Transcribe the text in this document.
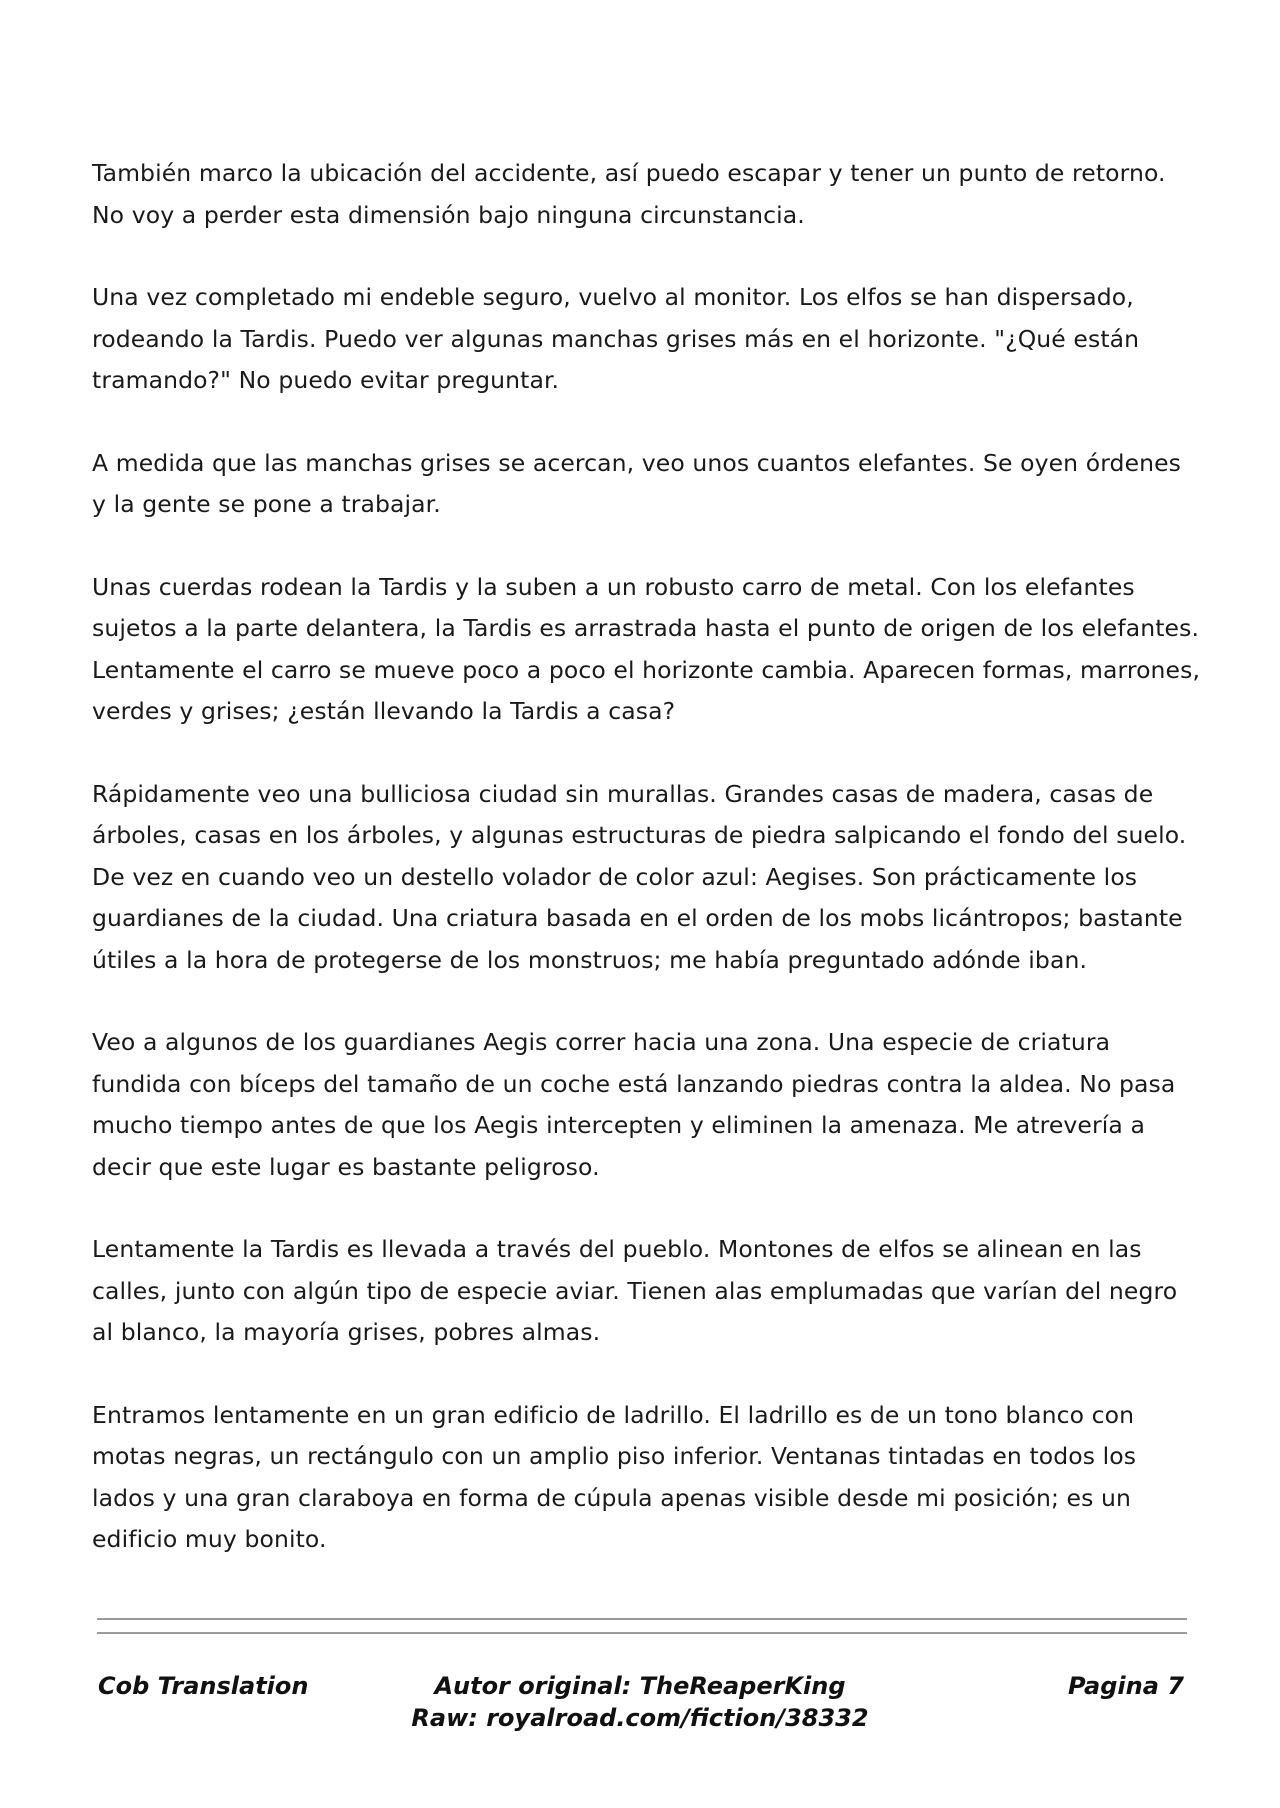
También marco la ubicación del accidente, así puedo escapar y tener un punto de retorno. No voy a perder esta dimensión bajo ninguna circunstancia.

Una vez completado mi endeble seguro, vuelvo al monitor. Los elfos se han dispersado, rodeando la Tardis. Puedo ver algunas manchas grises más en el horizonte. "¿Qué están tramando?" No puedo evitar preguntar.

A medida que las manchas grises se acercan, veo unos cuantos elefantes. Se oyen órdenes y la gente se pone a trabajar.

Unas cuerdas rodean la Tardis y la suben a un robusto carro de metal. Con los elefantes sujetos a la parte delantera, la Tardis es arrastrada hasta el punto de origen de los elefantes. Lentamente el carro se mueve poco a poco el horizonte cambia. Aparecen formas, marrones, verdes y grises; ¿están llevando la Tardis a casa?

Rápidamente veo una bulliciosa ciudad sin murallas. Grandes casas de madera, casas de árboles, casas en los árboles, y algunas estructuras de piedra salpicando el fondo del suelo. De vez en cuando veo un destello volador de color azul: Aegises. Son prácticamente los guardianes de la ciudad. Una criatura basada en el orden de los mobs licántropos; bastante útiles a la hora de protegerse de los monstruos; me había preguntado adónde iban.

Veo a algunos de los guardianes Aegis correr hacia una zona. Una especie de criatura fundida con bíceps del tamaño de un coche está lanzando piedras contra la aldea. No pasa mucho tiempo antes de que los Aegis intercepten y eliminen la amenaza. Me atrevería a decir que este lugar es bastante peligroso.

Lentamente la Tardis es llevada a través del pueblo. Montones de elfos se alinean en las calles, junto con algún tipo de especie aviar. Tienen alas emplumadas que varían del negro al blanco, la mayoría grises, pobres almas.

Entramos lentamente en un gran edificio de ladrillo. El ladrillo es de un tono blanco con motas negras, un rectángulo con un amplio piso inferior. Ventanas tintadas en todos los lados y una gran claraboya en forma de cúpula apenas visible desde mi posición; es un edificio muy bonito.

Cob Translation	Autor original: TheReaperKing
Raw: royalroad.com/fiction/38332
Pagina 7
